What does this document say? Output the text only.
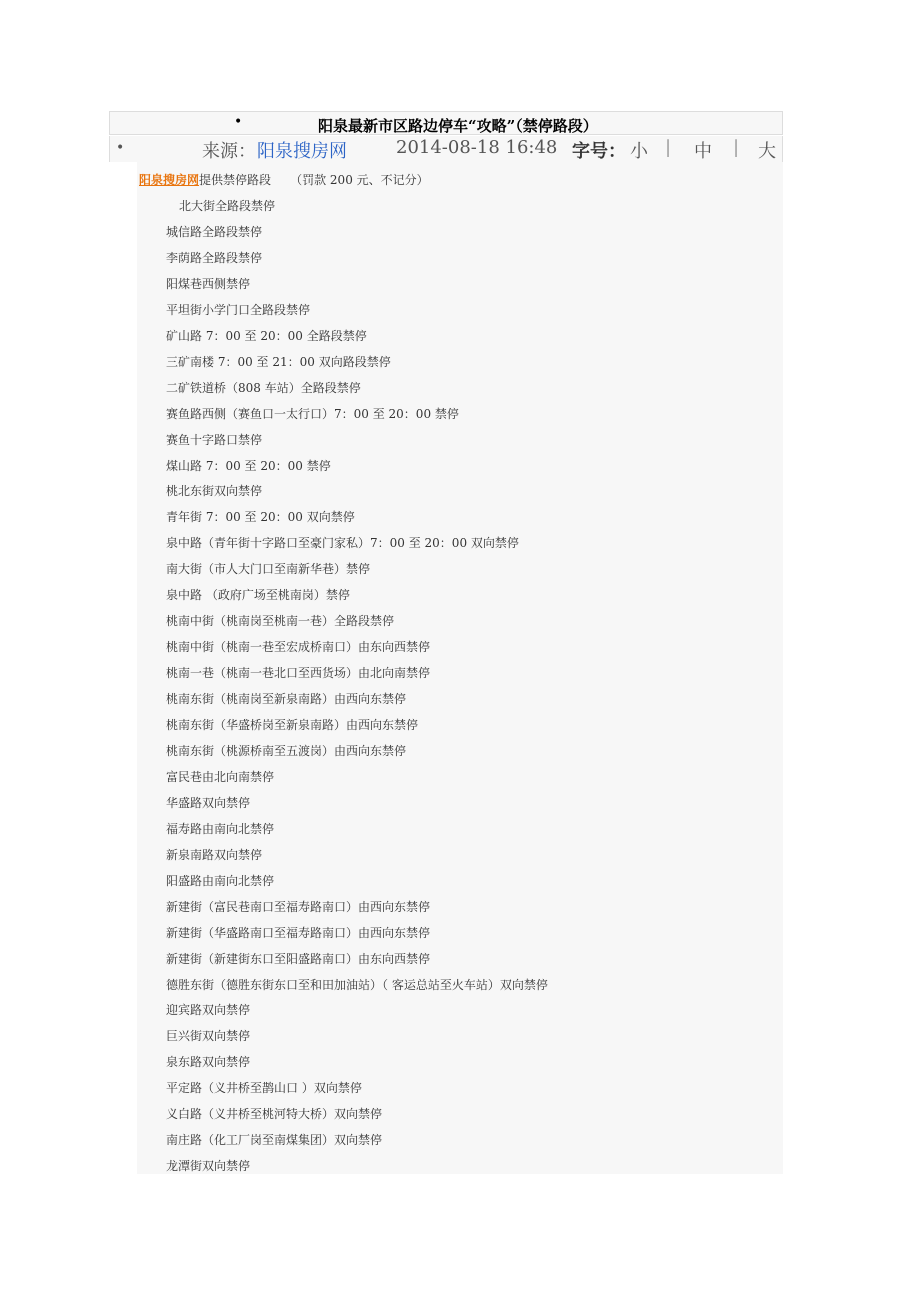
•	阳泉最新市区路边停车“攻略”（禁停路段）
•	来源： 阳泉搜房网	2014-08-18 16:48 字号： 小 | 中 | 大
阳泉搜房网提供禁停路段 （罚款 200 元、不记分）
北大街全路段禁停
城信路全路段禁停
李荫路全路段禁停
阳煤巷西侧禁停
平坦街小学门口全路段禁停
矿山路 7：00 至 20：00 全路段禁停
三矿南楼 7：00 至 21：00 双向路段禁停
二矿铁道桥（808 车站）全路段禁停
赛鱼路西侧（赛鱼口一太行口）7：00 至 20：00 禁停
赛鱼十字路口禁停
煤山路 7：00 至 20：00 禁停
桃北东街双向禁停
青年街 7：00 至 20：00 双向禁停
泉中路（青年街十字路口至豪门家私）7：00 至 20：00 双向禁停
南大街（市人大门口至南新华巷）禁停
泉中路 （政府广场至桃南岗）禁停
桃南中街（桃南岗至桃南一巷）全路段禁停
桃南中街（桃南一巷至宏成桥南口）由东向西禁停
桃南一巷（桃南一巷北口至西货场）由北向南禁停
桃南东街（桃南岗至新泉南路）由西向东禁停
桃南东街（华盛桥岗至新泉南路）由西向东禁停
桃南东街（桃源桥南至五渡岗）由西向东禁停
富民巷由北向南禁停
华盛路双向禁停
福寿路由南向北禁停
新泉南路双向禁停
阳盛路由南向北禁停
新建街（富民巷南口至福寿路南口）由西向东禁停
新建街（华盛路南口至福寿路南口）由西向东禁停
新建街（新建街东口至阳盛路南口）由东向西禁停
德胜东街（德胜东街东口至和田加油站）（ 客运总站至火车站）双向禁停
迎宾路双向禁停
巨兴街双向禁停
泉东路双向禁停
平定路（义井桥至鹊山口 ）双向禁停
义白路（义井桥至桃河特大桥）双向禁停
南庄路（化工厂岗至南煤集团）双向禁停
龙潭街双向禁停
